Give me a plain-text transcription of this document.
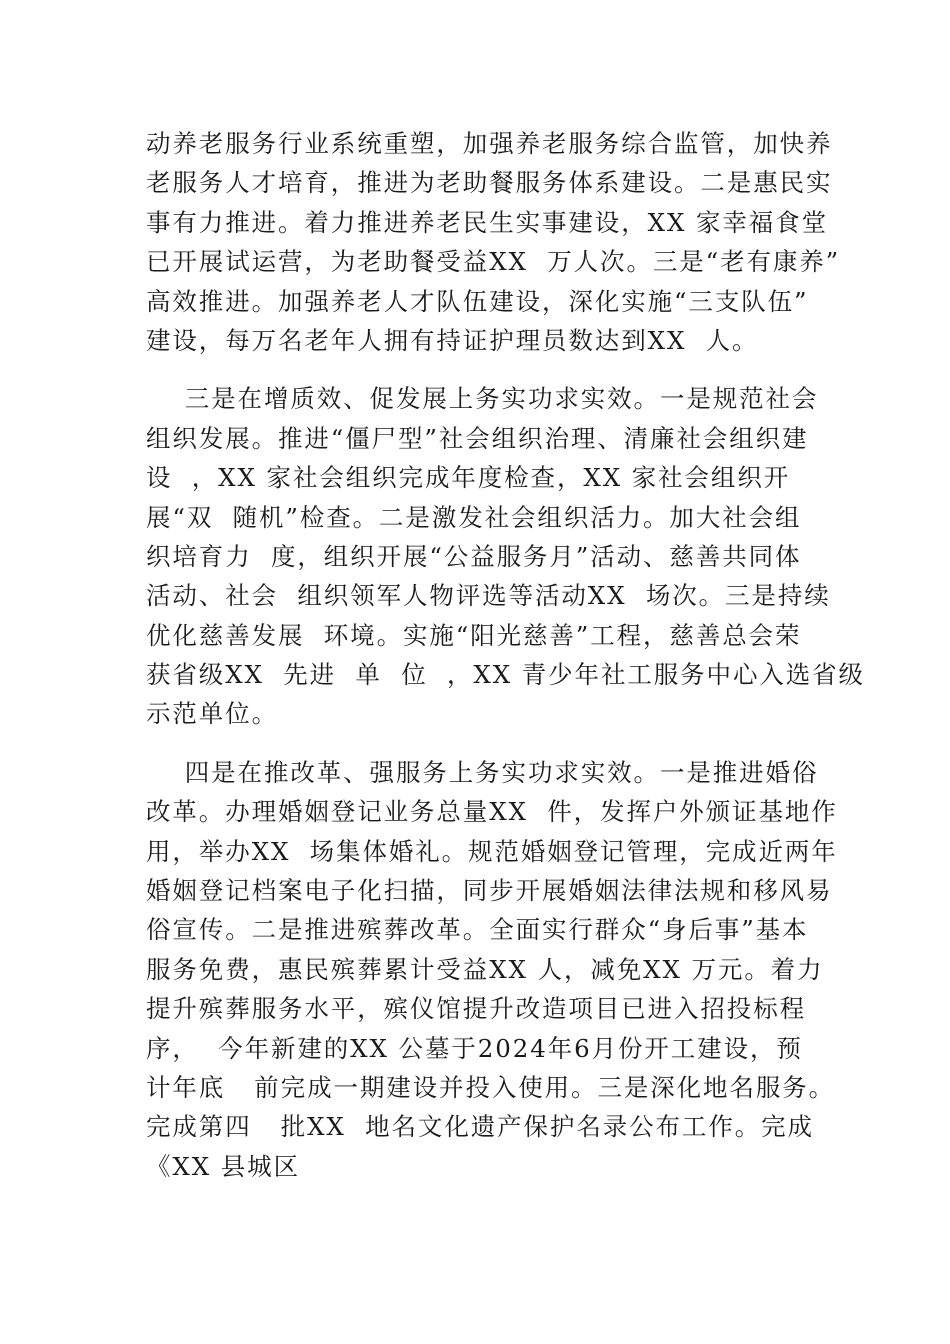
动养老服务行业系统重塑，加强养老服务综合监管，加快养
老服务人才培育，推进为老助餐服务体系建设。二是惠民实
事有力推进。着力推进养老民生实事建设，XX 家幸福食堂
已开展试运营，为老助餐受益XX  万人次。三是“老有康养”
高效推进。加强养老人才队伍建设，深化实施“三支队伍”
建设，每万名老年人拥有持证护理员数达到XX  人。
三是在增质效、促发展上务实功求实效。一是规范社会
组织发展。推进“僵尸型”社会组织治理、清廉社会组织建
设  ，XX 家社会组织完成年度检查，XX 家社会组织开
展“双  随机”检查。二是激发社会组织活力。加大社会组
织培育力  度，组织开展“公益服务月”活动、慈善共同体
活动、社会  组织领军人物评选等活动XX  场次。三是持续
优化慈善发展  环境。实施“阳光慈善”工程，慈善总会荣
获省级XX  先进  单  位  ，XX 青少年社工服务中心入选省级
示范单位。
四是在推改革、强服务上务实功求实效。一是推进婚俗
改革。办理婚姻登记业务总量XX  件，发挥户外颁证基地作
用，举办XX  场集体婚礼。规范婚姻登记管理，完成近两年
婚姻登记档案电子化扫描，同步开展婚姻法律法规和移风易
俗宣传。二是推进殡葬改革。全面实行群众“身后事”基本
服务免费，惠民殡葬累计受益XX 人，减免XX 万元。着力
提升殡葬服务水平，殡仪馆提升改造项目已进入招投标程
序，  今年新建的XX 公墓于2024年6月份开工建设，预
计年底   前完成一期建设并投入使用。三是深化地名服务。
完成第四   批XX  地名文化遗产保护名录公布工作。完成
《XX 县城区
